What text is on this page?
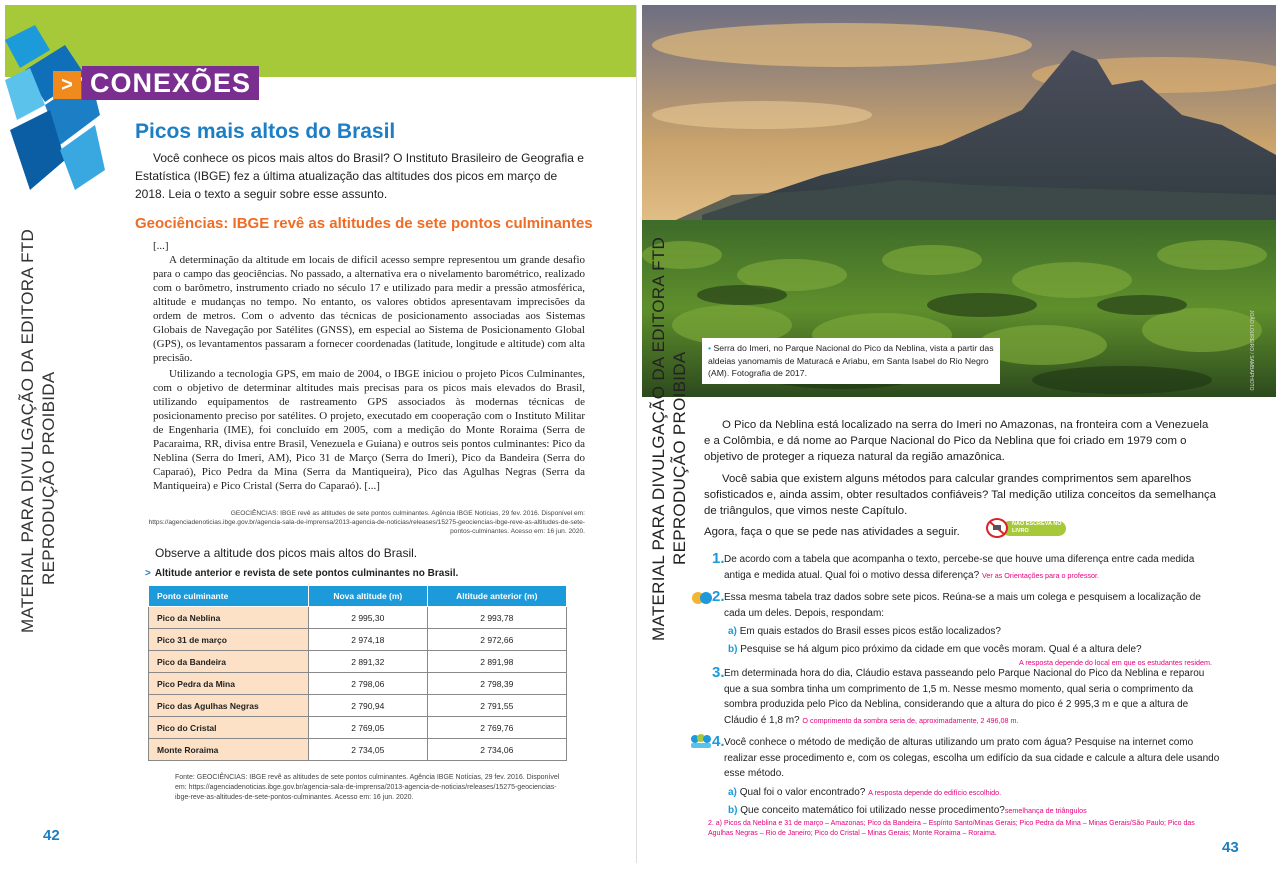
> CONEXÕES
MATERIAL PARA DIVULGAÇÃO DA EDITORA FTD REPRODUÇÃO PROIBIDA
Picos mais altos do Brasil

Você conhece os picos mais altos do Brasil? O Instituto Brasileiro de Geografia e Estatística (IBGE) fez a última atualização das altitudes dos picos em março de 2018. Leia o texto a seguir sobre esse assunto.

Geociências: IBGE revê as altitudes de sete pontos culminantes
[...]

A determinação da altitude em locais de difícil acesso sempre representou um grande desafio para o campo das geociências. No passado, a alternativa era o nivelamento barométrico, realizado com o barômetro, instrumento criado no século 17 e utilizado para medir a pressão atmosférica, altitude e mudanças no tempo. No entanto, os valores obtidos apresentavam imprecisões da ordem de metros. Com o advento das técnicas de posicionamento associadas aos Sistemas Globais de Navegação por Satélites (GNSS), em especial ao Sistema de Posicionamento Global (GPS), os levantamentos passaram a fornecer coordenadas (latitude, longitude e altitude) com alta precisão.

Utilizando a tecnologia GPS, em maio de 2004, o IBGE iniciou o projeto Picos Culminantes, com o objetivo de determinar altitudes mais precisas para os picos mais elevados do Brasil, utilizando equipamentos de rastreamento GPS associados às modernas técnicas de posicionamento preciso por satélites. O projeto, executado em cooperação com o Instituto Militar de Engenharia (IME), foi concluído em 2005, com a medição do Monte Roraima (Serra de Pacaraima, RR, divisa entre Brasil, Venezuela e Guiana) e outros seis pontos culminantes: Pico da Neblina (Serra do Imeri, AM), Pico 31 de Março (Serra do Imeri), Pico da Bandeira (Serra do Caparaó), Pico Pedra da Mina (Serra da Mantiqueira), Pico das Agulhas Negras (Serra da Mantiqueira) e Pico Cristal (Serra do Caparaó). [...]

GEOCIÊNCIAS: IBGE revê as altitudes de sete pontos culminantes. Agência IBGE Notícias, 29 fev. 2016. Disponível em: https://agenciadenoticias.ibge.gov.br/agencia-sala-de-imprensa/2013-agencia-de-noticias/releases/15275-geociencias-ibge-reve-as-altitudes-de-sete-pontos-culminantes. Acesso em: 16 jun. 2020.

Observe a altitude dos picos mais altos do Brasil.

> Altitude anterior e revista de sete pontos culminantes no Brasil.
Ponto culminante	Nova altitude (m)	Altitude anterior (m)
Pico da Neblina	2 995,30	2 993,78
Pico 31 de março	2 974,18	2 972,66
Pico da Bandeira	2 891,32	2 891,98
Pico Pedra da Mina	2 798,06	2 798,39
Pico das Agulhas Negras	2 790,94	2 791,55
Pico do Cristal	2 769,05	2 769,76
Monte Roraima	2 734,05	2 734,06

Fonte: GEOCIÊNCIAS: IBGE revê as altitudes de sete pontos culminantes. Agência IBGE Notícias, 29 fev. 2016. Disponível em: https://agenciadenoticias.ibge.gov.br/agencia-sala-de-imprensa/2013-agencia-de-noticias/releases/15275-geociencias-ibge-reve-as-altitudes-de-sete-pontos-culminantes. Acesso em: 16 jun. 2020.

42
JOÃO LOUREIRO / SAMBAPHOTO
• Serra do Imeri, no Parque Nacional do Pico da Neblina, vista a partir das aldeias yanomamis de Maturacá e Ariabu, em Santa Isabel do Rio Negro (AM). Fotografia de 2017.
MATERIAL PARA DIVULGAÇÃO DA EDITORA FTD REPRODUÇÃO PROIBIDA	O Pico da Neblina está localizado na serra do Imeri no Amazonas, na fronteira com a Venezuela e a Colômbia, e dá nome ao Parque Nacional do Pico da Neblina que foi criado em 1979 com o objetivo de proteger a riqueza natural da região amazônica.

Você sabia que existem alguns métodos para calcular grandes comprimentos sem aparelhos sofisticados e, ainda assim, obter resultados confiáveis? Tal medição utiliza conceitos da semelhança de triângulos, que vimos neste Capítulo.

Agora, faça o que se pede nas atividades a seguir.

NÃO ESCREVA NO LIVRO
1. De acordo com a tabela que acompanha o texto, percebe-se que houve uma diferença entre cada medida antiga e medida atual. Qual foi o motivo dessa diferença? Ver as Orientações para o professor.

2. Essa mesma tabela traz dados sobre sete picos. Reúna-se a mais um colega e pesquisem a localização de cada um deles. Depois, respondam:

a) Em quais estados do Brasil esses picos estão localizados?

b) Pesquise se há algum pico próximo da cidade em que vocês moram. Qual é a altura dele?

A resposta depende do local em que os estudantes residem.

3. Em determinada hora do dia, Cláudio estava passeando pelo Parque Nacional do Pico da Neblina e reparou que a sua sombra tinha um comprimento de 1,5 m. Nesse mesmo momento, qual seria o comprimento da sombra produzida pelo Pico da Neblina, considerando que a altura do pico é 2 995,3 m e que a altura de Cláudio é 1,8 m? O comprimento da sombra seria de, aproximadamente, 2 496,08 m.

4. Você conhece o método de medição de alturas utilizando um prato com água? Pesquise na internet como realizar esse procedimento e, com os colegas, escolha um edifício da sua cidade e calcule a altura dele usando esse método.

a) Qual foi o valor encontrado? A resposta depende do edifício escolhido.

b) Que conceito matemático foi utilizado nesse procedimento?semelhança de triângulos

2. a) Picos da Neblina e 31 de março – Amazonas; Pico da Bandeira – Espírito Santo/Minas Gerais; Pico Pedra da Mina – Minas Gerais/São Paulo; Pico das Agulhas Negras – Rio de Janeiro; Pico do Cristal – Minas Gerais; Monte Roraima – Roraima.

43
